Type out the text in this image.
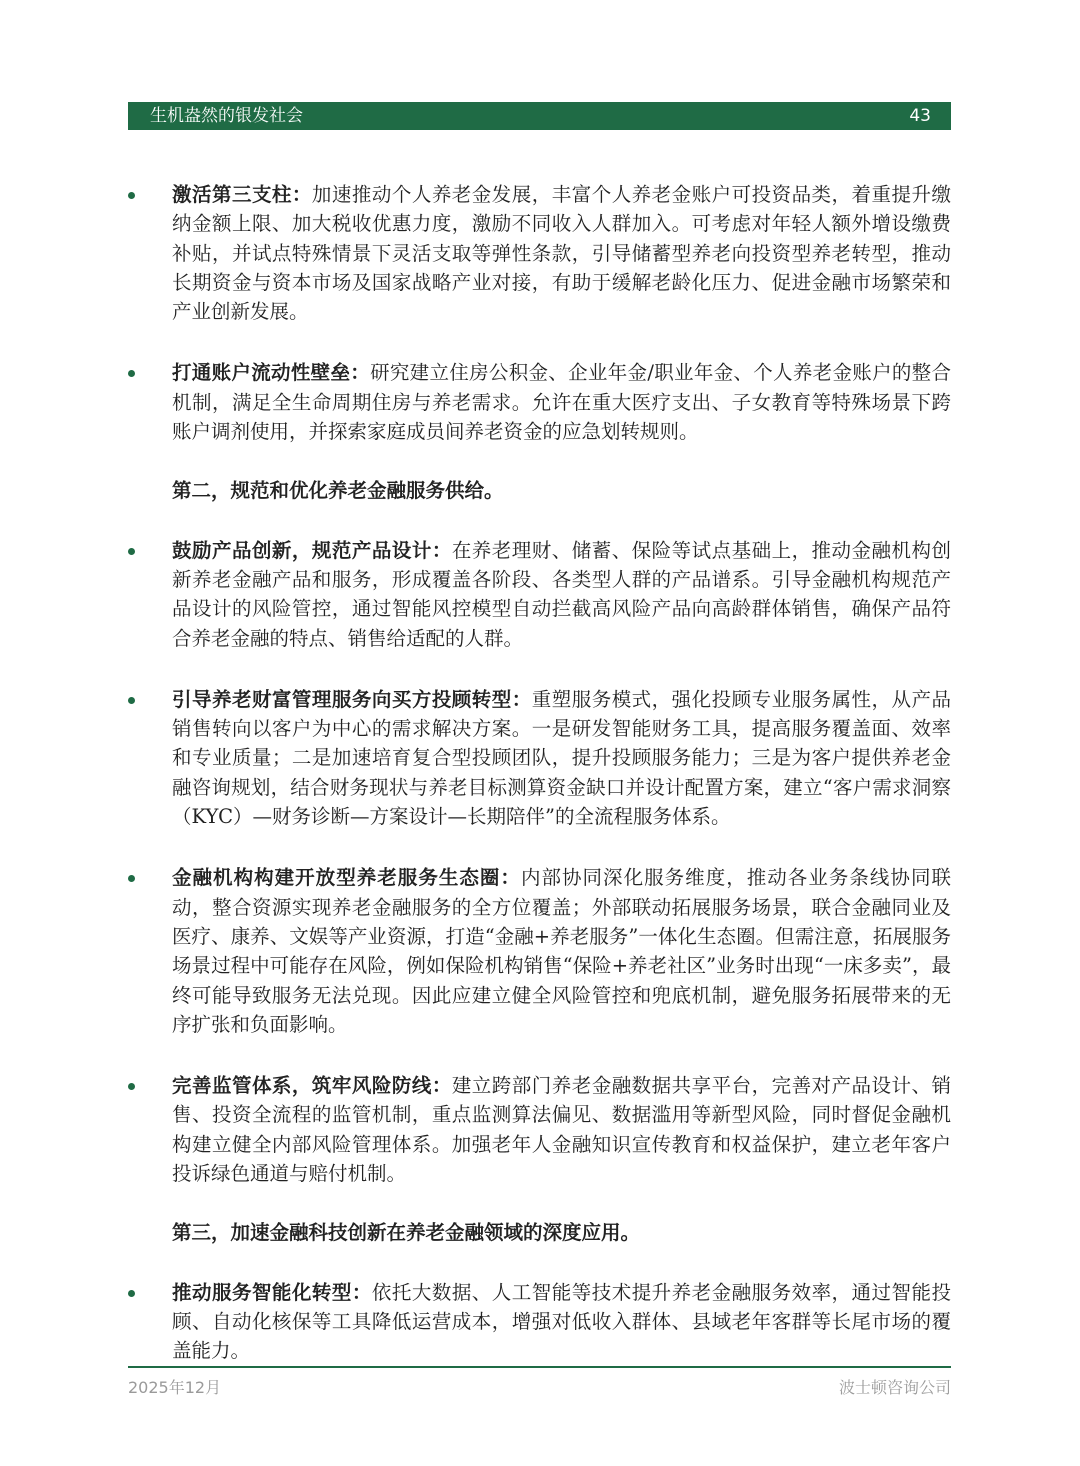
生机盎然的银发社会	43

激活第三支柱：加速推动个人养老金发展，丰富个人养老金账户可投资品类，着重提升缴纳金额上限、加大税收优惠力度，激励不同收入人群加入。可考虑对年轻人额外增设缴费补贴，并试点特殊情景下灵活支取等弹性条款，引导储蓄型养老向投资型养老转型，推动长期资金与资本市场及国家战略产业对接，有助于缓解老龄化压力、促进金融市场繁荣和产业创新发展。

打通账户流动性壁垒：研究建立住房公积金、企业年金/职业年金、个人养老金账户的整合机制，满足全生命周期住房与养老需求。允许在重大医疗支出、子女教育等特殊场景下跨账户调剂使用，并探索家庭成员间养老资金的应急划转规则。

第二，规范和优化养老金融服务供给。

鼓励产品创新，规范产品设计：在养老理财、储蓄、保险等试点基础上，推动金融机构创新养老金融产品和服务，形成覆盖各阶段、各类型人群的产品谱系。引导金融机构规范产品设计的风险管控，通过智能风控模型自动拦截高风险产品向高龄群体销售，确保产品符合养老金融的特点、销售给适配的人群。

引导养老财富管理服务向买方投顾转型：重塑服务模式，强化投顾专业服务属性，从产品销售转向以客户为中心的需求解决方案。一是研发智能财务工具，提高服务覆盖面、效率和专业质量；二是加速培育复合型投顾团队，提升投顾服务能力；三是为客户提供养老金融咨询规划，结合财务现状与养老目标测算资金缺口并设计配置方案，建立“客户需求洞察（KYC）—财务诊断—方案设计—长期陪伴”的全流程服务体系。

金融机构构建开放型养老服务生态圈：内部协同深化服务维度，推动各业务条线协同联动，整合资源实现养老金融服务的全方位覆盖；外部联动拓展服务场景，联合金融同业及医疗、康养、文娱等产业资源，打造“金融+养老服务”一体化生态圈。但需注意，拓展服务场景过程中可能存在风险，例如保险机构销售“保险+养老社区”业务时出现“一床多卖”，最终可能导致服务无法兑现。因此应建立健全风险管控和兜底机制，避免服务拓展带来的无序扩张和负面影响。

完善监管体系，筑牢风险防线：建立跨部门养老金融数据共享平台，完善对产品设计、销售、投资全流程的监管机制，重点监测算法偏见、数据滥用等新型风险，同时督促金融机构建立健全内部风险管理体系。加强老年人金融知识宣传教育和权益保护，建立老年客户投诉绿色通道与赔付机制。

第三，加速金融科技创新在养老金融领域的深度应用。

推动服务智能化转型：依托大数据、人工智能等技术提升养老金融服务效率，通过智能投顾、自动化核保等工具降低运营成本，增强对低收入群体、县域老年客群等长尾市场的覆盖能力。

2025年12月	波士顿咨询公司
